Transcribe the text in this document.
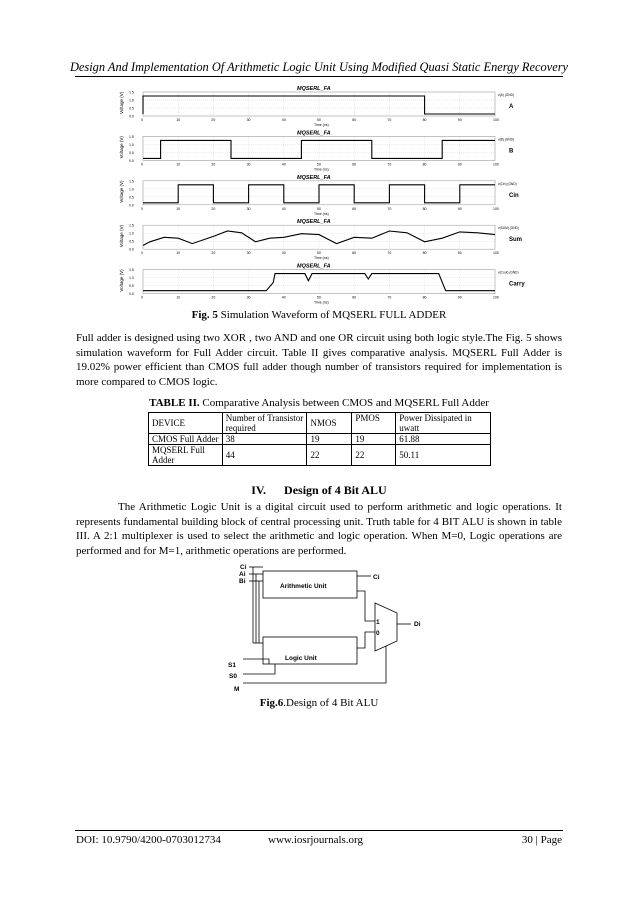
Design And Implementation Of Arithmetic Logic Unit Using Modified Quasi Static Energy Recovery
MQSERL_FA
0.0
0.5
1.0
1.5
0	10	20	30	40	50	60	70	80	90	100
Time (ns)
Voltage (V)	v(A) (GND)
A
MQSERL_FA
0.0
0.5
1.0
1.5
0	10	20	30	40	50	60	70	80	90	100
Time (ns)
Voltage (V)	v(B) (GND)
B
MQSERL_FA
0.0
0.5
1.0
1.5
0	10	20	30	40	50	60	70	80	90	100
Time (ns)
Voltage (V)	v(Cin) (GND)
Cin
MQSERL_FA
0.0
0.5
1.0
1.5
0	10	20	30	40	50	60	70	80	90	100
Time (ns)
Voltage (V)	v(SUM) (GND)
Sum
MQSERL_FA
0.0
0.5
1.0
1.5
0	10	20	30	40	50	60	70	80	90	100
Time (ns)
Voltage (V)	v(Cout) (GND)
Carry
Fig. 5 Simulation Waveform of MQSERL FULL ADDER
Full adder is designed using two XOR , two AND and one OR circuit using both logic style.The Fig. 5 shows simulation waveform for Full Adder circuit. Table II gives comparative analysis. MQSERL Full Adder is 19.02% power efficient than CMOS full adder though number of transistors required for implementation is more compared to CMOS logic.
TABLE II. Comparative Analysis between CMOS and MQSERL Full Adder
DEVICE	Number of Transistor required	NMOS	PMOS	Power Dissipated in uwatt
CMOS Full Adder	38	19	19	61.88
MQSERL Full Adder	44	22	22	50.11
IV. Design of 4 Bit ALU
The Arithmetic Logic Unit is a digital circuit used to perform arithmetic and logic operations. It represents fundamental building block of central processing unit. Truth table for 4 BIT ALU is shown in table III. A 2:1 multiplexer is used to select the arithmetic and logic operation. When M=0, Logic operations are performed and for M=1, arithmetic operations are performed.
Ci
Ai
Bi
Arithmetic Unit
Ci
Logic Unit
1
0
Di
S1
S0
M
Fig.6.Design of 4 Bit ALU
DOI: 10.9790/4200-0703012734	www.iosrjournals.org	30 | Page
